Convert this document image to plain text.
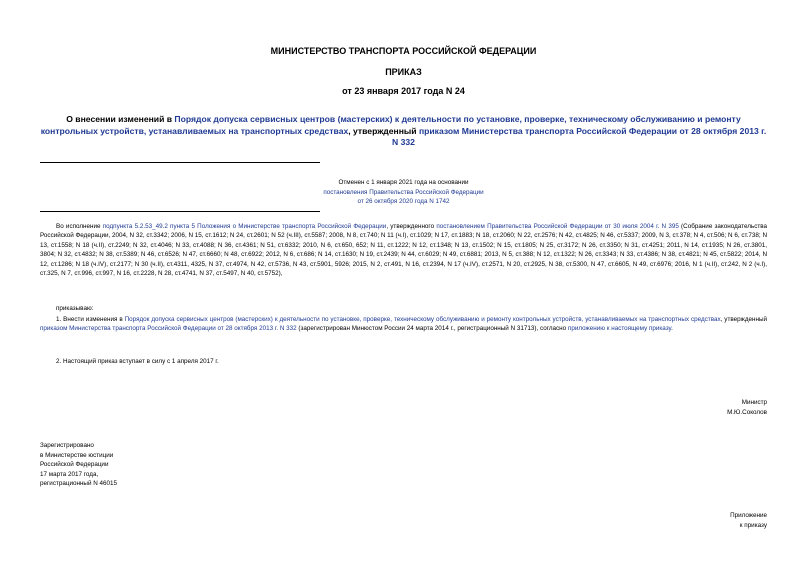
МИНИСТЕРСТВО ТРАНСПОРТА РОССИЙСКОЙ ФЕДЕРАЦИИ
ПРИКАЗ
от 23 января 2017 года N 24
О внесении изменений в Порядок допуска сервисных центров (мастерских) к деятельности по установке, проверке, техническому обслуживанию и ремонту контрольных устройств, устанавливаемых на транспортных средствах, утвержденный приказом Министерства транспорта Российской Федерации от 28 октября 2013 г. N 332
Отменен с 1 января 2021 года на основании
постановления Правительства Российской Федерации
от 26 октября 2020 года N 1742
Во исполнение подпункта 5.2.53_49.2 пункта 5 Положения о Министерстве транспорта Российской Федерации, утвержденного постановлением Правительства Российской Федерации от 30 июля 2004 г. N 395 (Собрание законодательства Российской Федерации, 2004, N 32, ст.3342; 2006, N 15, ст.1612; N 24, ст.2601; N 52 (ч.III), ст.5587; 2008, N 8, ст.740; N 11 (ч.I), ст.1029; N 17, ст.1883; N 18, ст.2060; N 22, ст.2576; N 42, ст.4825; N 46, ст.5337; 2009, N 3, ст.378; N 4, ст.506; N 6, ст.738; N 13, ст.1558; N 18 (ч.II), ст.2249; N 32, ст.4046; N 33, ст.4088; N 36, ст.4361; N 51, ст.6332; 2010, N 6, ст.650, 652; N 11, ст.1222; N 12, ст.1348; N 13, ст.1502; N 15, ст.1805; N 25, ст.3172; N 26, ст.3350; N 31, ст.4251; 2011, N 14, ст.1935; N 26, ст.3801, 3804; N 32, ст.4832; N 38, ст.5389; N 46, ст.6526; N 47, ст.6660; N 48, ст.6922; 2012, N 6, ст.686; N 14, ст.1630; N 19, ст.2439; N 44, ст.6029; N 49, ст.6881; 2013, N 5, ст.388; N 12, ст.1322; N 26, ст.3343; N 33, ст.4386; N 38, ст.4821; N 45, ст.5822; 2014, N 12, ст.1286; N 18 (ч.IV), ст.2177; N 30 (ч.II), ст.4311, 4325, N 37, ст.4974, N 42, ст.5736, N 43, ст.5901, 5926; 2015, N 2, ст.491, N 16, ст.2394, N 17 (ч.IV), ст.2571, N 20, ст.2925, N 38, ст.5300, N 47, ст.6605, N 49, ст.6976; 2016, N 1 (ч.II), ст.242, N 2 (ч.I), ст.325, N 7, ст.996, ст.997, N 16, ст.2228, N 28, ст.4741, N 37, ст.5497, N 40, ст.5752),
приказываю:
1. Внести изменения в Порядок допуска сервисных центров (мастерских) к деятельности по установке, проверке, техническому обслуживанию и ремонту контрольных устройств, устанавливаемых на транспортных средствах, утвержденный приказом Министерства транспорта Российской Федерации от 28 октября 2013 г. N 332 (зарегистрирован Минюстом России 24 марта 2014 г., регистрационный N 31713), согласно приложению к настоящему приказу.
2. Настоящий приказ вступает в силу с 1 апреля 2017 г.
Министр
М.Ю.Соколов
Зарегистрировано
в Министерстве юстиции
Российской Федерации
17 марта 2017 года,
регистрационный N 46015
Приложение
к приказу
